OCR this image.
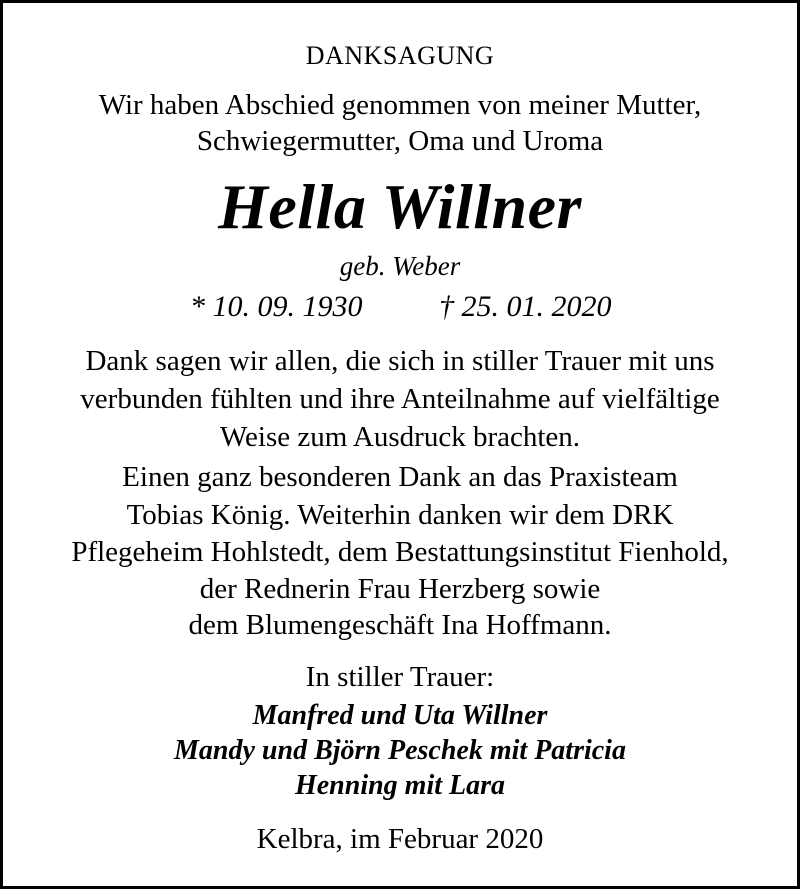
DANKSAGUNG
Wir haben Abschied genommen von meiner Mutter,
Schwiegermutter, Oma und Uroma
Hella Willner
geb. Weber
* 10. 09. 1930	† 25. 01. 2020
Dank sagen wir allen, die sich in stiller Trauer mit uns
verbunden fühlten und ihre Anteilnahme auf vielfältige
Weise zum Ausdruck brachten.
Einen ganz besonderen Dank an das Praxisteam
Tobias König. Weiterhin danken wir dem DRK
Pflegeheim Hohlstedt, dem Bestattungsinstitut Fienhold,
der Rednerin Frau Herzberg sowie
dem Blumengeschäft Ina Hoffmann.
In stiller Trauer:
Manfred und Uta Willner
Mandy und Björn Peschek mit Patricia
Henning mit Lara
Kelbra, im Februar 2020
